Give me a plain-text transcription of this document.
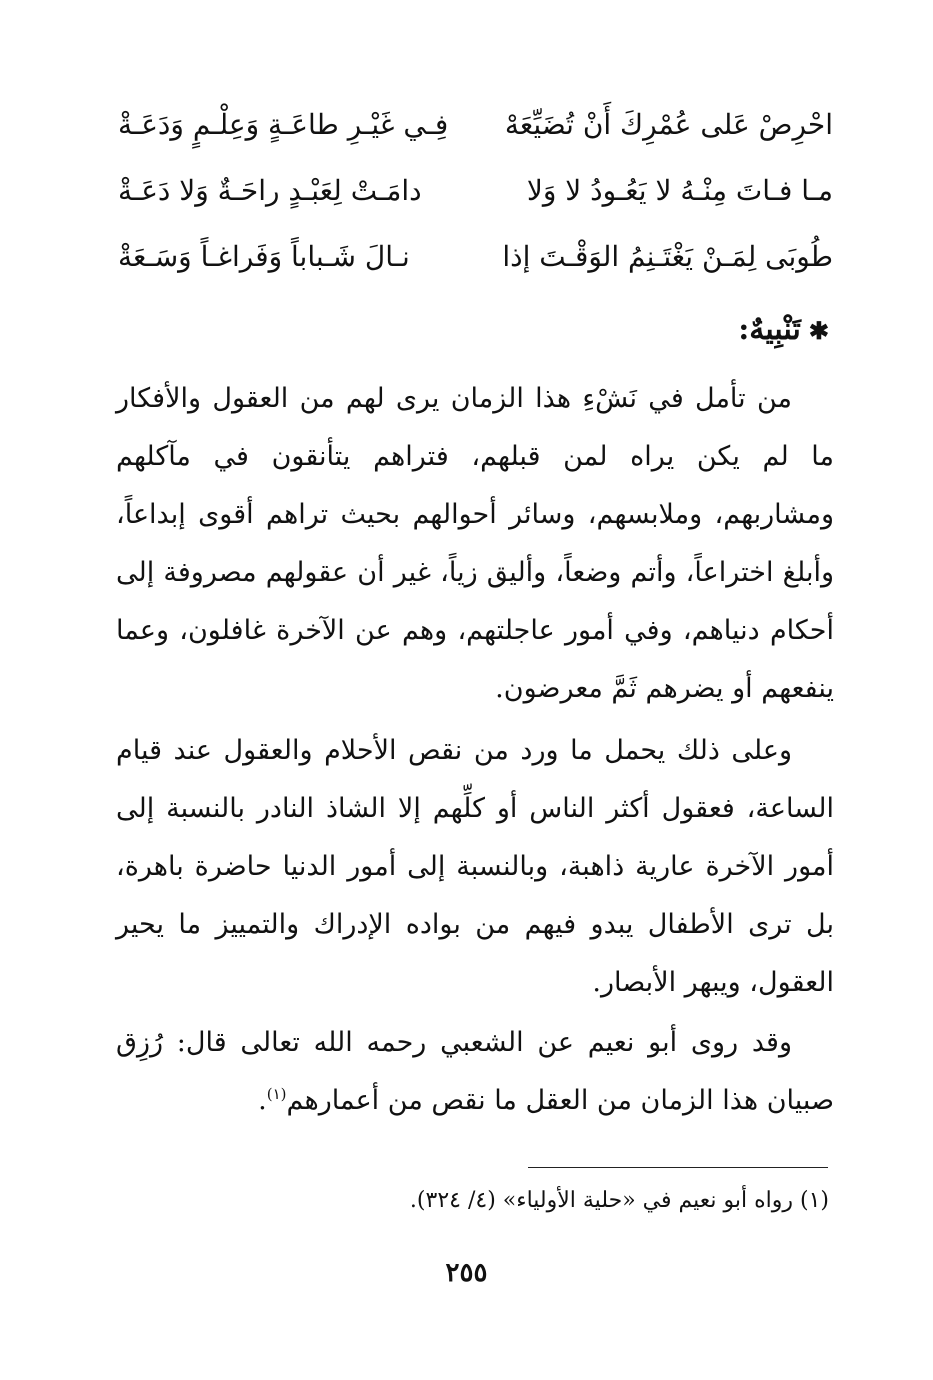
احْرِصْ عَلى عُمْرِكَ أَنْ تُضَيِّعَهْ
فِـي غَيْـرِ طاعَـةٍ وَعِلْـمٍ وَدَعَـةْ
مـا فـاتَ مِنْـهُ لا يَعُـودُ لا وَلا
دامَـتْ لِعَبْـدٍ راحَـةٌ وَلا دَعَـةْ
طُوبَى لِمَـنْ يَغْتَـنِمُ الوَقْـتَ إذا
نـالَ شَـباباً وَفَراغـاً وَسَـعَةْ
✱تَنْبِيهٌ:

من تأمل في نَشْءِ هذا الزمان يرى لهم من العقول والأفكار ما لم يكن يراه لمن قبلهم، فتراهم يتأنقون في مآكلهم ومشاربهم، وملابسهم، وسائر أحوالهم بحيث تراهم أقوى إبداعاً، وأبلغ اختراعاً، وأتم وضعاً، وأليق زياً، غير أن عقولهم مصروفة إلى أحكام دنياهم، وفي أمور عاجلتهم، وهم عن الآخرة غافلون، وعما ينفعهم أو يضرهم ثَمَّ معرضون.

وعلى ذلك يحمل ما ورد من نقص الأحلام والعقول عند قيام الساعة، فعقول أكثر الناس أو كلِّهم إلا الشاذ النادر بالنسبة إلى أمور الآخرة عارية ذاهبة، وبالنسبة إلى أمور الدنيا حاضرة باهرة، بل ترى الأطفال يبدو فيهم من بواده الإدراك والتمييز ما يحير العقول، ويبهر الأبصار.

وقد روى أبو نعيم عن الشعبي رحمه الله تعالى قال: رُزِق صبيان هذا الزمان من العقل ما نقص من أعمارهم$^{(١)}$.

(١) رواه أبو نعيم في «حلية الأولياء» (٤/ ٣٢٤).
٢٥٥
